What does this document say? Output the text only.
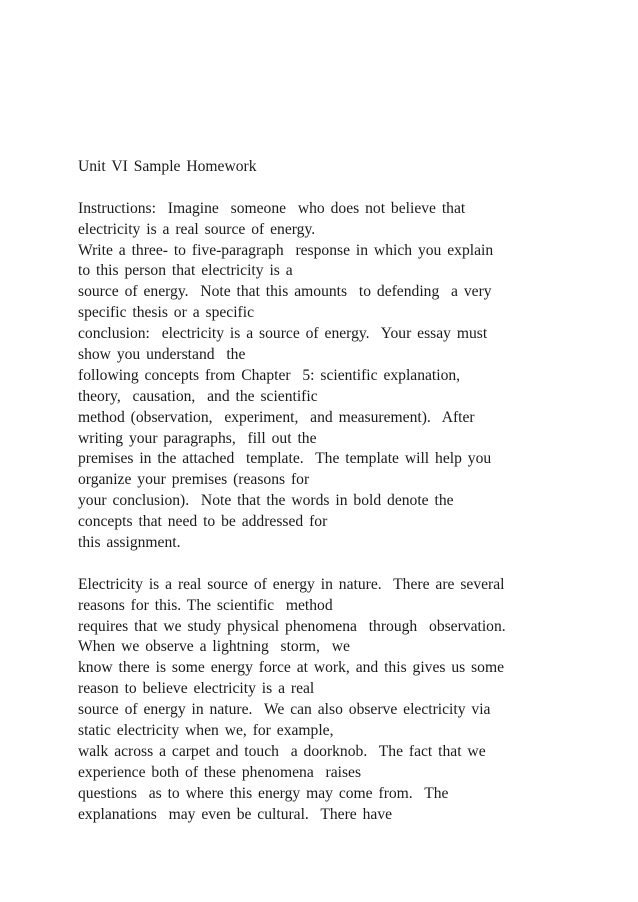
Unit VI Sample Homework
Instructions:  Imagine  someone  who does not believe that
electricity is a real source of energy.
Write a three- to five-paragraph  response in which you explain
to this person that electricity is a
source of energy.  Note that this amounts  to defending  a very
specific thesis or a specific
conclusion:  electricity is a source of energy.  Your essay must
show you understand  the
following concepts from Chapter  5: scientific explanation,
theory,  causation,  and the scientific
method (observation,  experiment,  and measurement).  After
writing your paragraphs,  fill out the
premises in the attached  template.  The template will help you
organize your premises (reasons for
your conclusion).  Note that the words in bold denote the
concepts that need to be addressed for
this assignment.
Electricity is a real source of energy in nature.  There are several
reasons for this. The scientific  method
requires that we study physical phenomena  through  observation.
When we observe a lightning  storm,  we
know there is some energy force at work, and this gives us some
reason to believe electricity is a real
source of energy in nature.  We can also observe electricity via
static electricity when we, for example,
walk across a carpet and touch  a doorknob.  The fact that we
experience both of these phenomena  raises
questions  as to where this energy may come from.  The
explanations  may even be cultural.  There have
